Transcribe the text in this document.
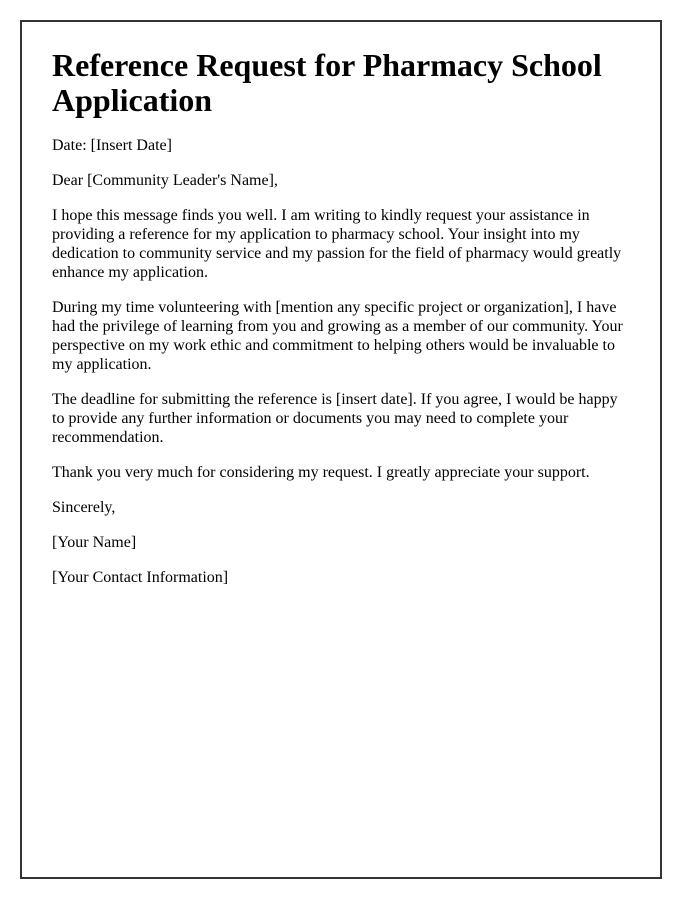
Reference Request for Pharmacy School Application

Date: [Insert Date]

Dear [Community Leader's Name],

I hope this message finds you well. I am writing to kindly request your assistance in providing a reference for my application to pharmacy school. Your insight into my dedication to community service and my passion for the field of pharmacy would greatly enhance my application.

During my time volunteering with [mention any specific project or organization], I have had the privilege of learning from you and growing as a member of our community. Your perspective on my work ethic and commitment to helping others would be invaluable to my application.

The deadline for submitting the reference is [insert date]. If you agree, I would be happy to provide any further information or documents you may need to complete your recommendation.

Thank you very much for considering my request. I greatly appreciate your support.

Sincerely,

[Your Name]

[Your Contact Information]
